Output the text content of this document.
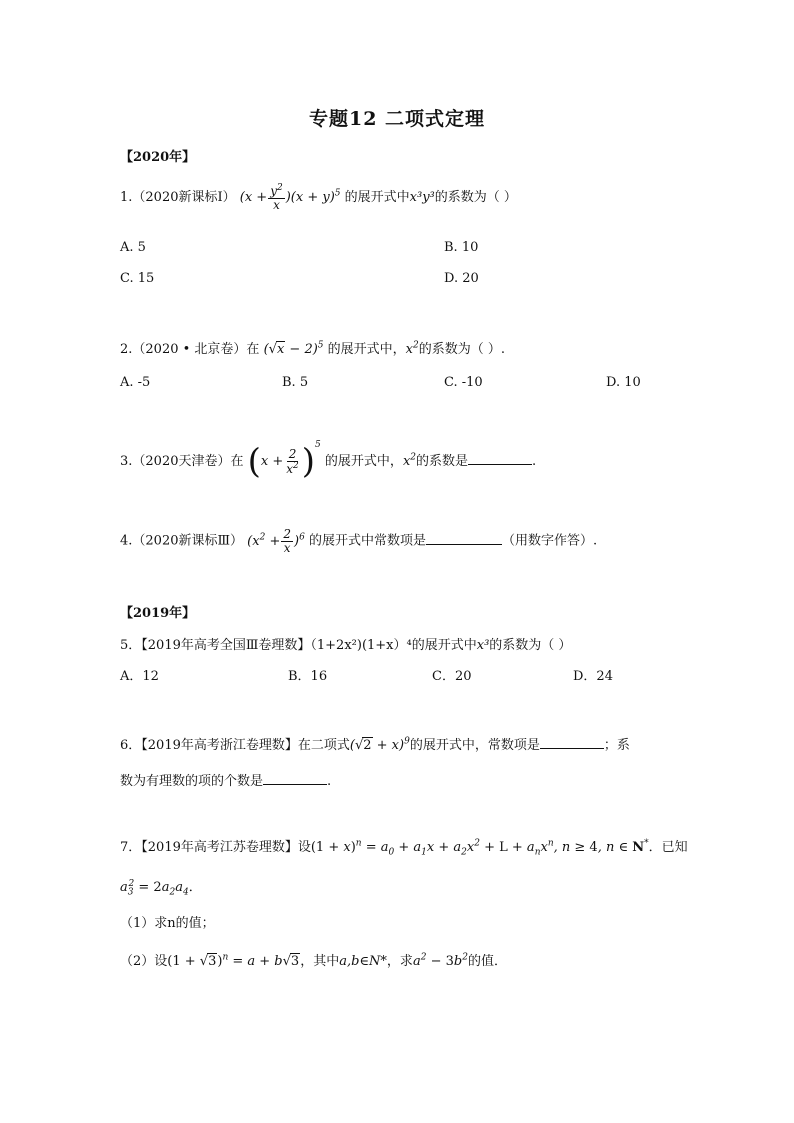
专题12 二项式定理
【2020年】
1.（2020新课标Ⅰ） $(x + \frac{y^2}{x} )(x + y)^5$ 的展开式中x³y³的系数为（ ）
A. 5	B. 10
C. 15	D. 20
2.（2020 • 北京卷）在 $(√x - 2)^5$ 的展开式中，$x^2$的系数为（ ）.
A. -5	B. 5	C. -10	D. 10
3.（2020天津卷）在 $(x + \frac{2}{x^2} )^5$ 的展开式中，$x^2$的系数是	.
4.（2020新课标Ⅲ） $(x^2 + \frac{2}{x} )^6$ 的展开式中常数项是	（用数字作答）.
【2019年】
5．【2019年高考全国Ⅲ卷理数】（1+2x²)(1+x）⁴的展开式中x³的系数为（ ）
A．12	B．16	C．20	D．24
6．【2019年高考浙江卷理数】在二项式$(√2 + x)^9$的展开式中，常数项是	；系
数为有理数的项的个数是	.
7．【2019年高考江苏卷理数】设$(1 + x)^n = a_0 + a_1x + a_2x^2 + L + a_nx^n$, n ≥ 4, n ∈ N*．已知
$a_3^2 = 2a_2a_4$．
（1）求n的值；
（2）设$(1 + √3)^n = a + b√3$，其中a,b∈N*，求$a^2 - 3b^2$的值．
